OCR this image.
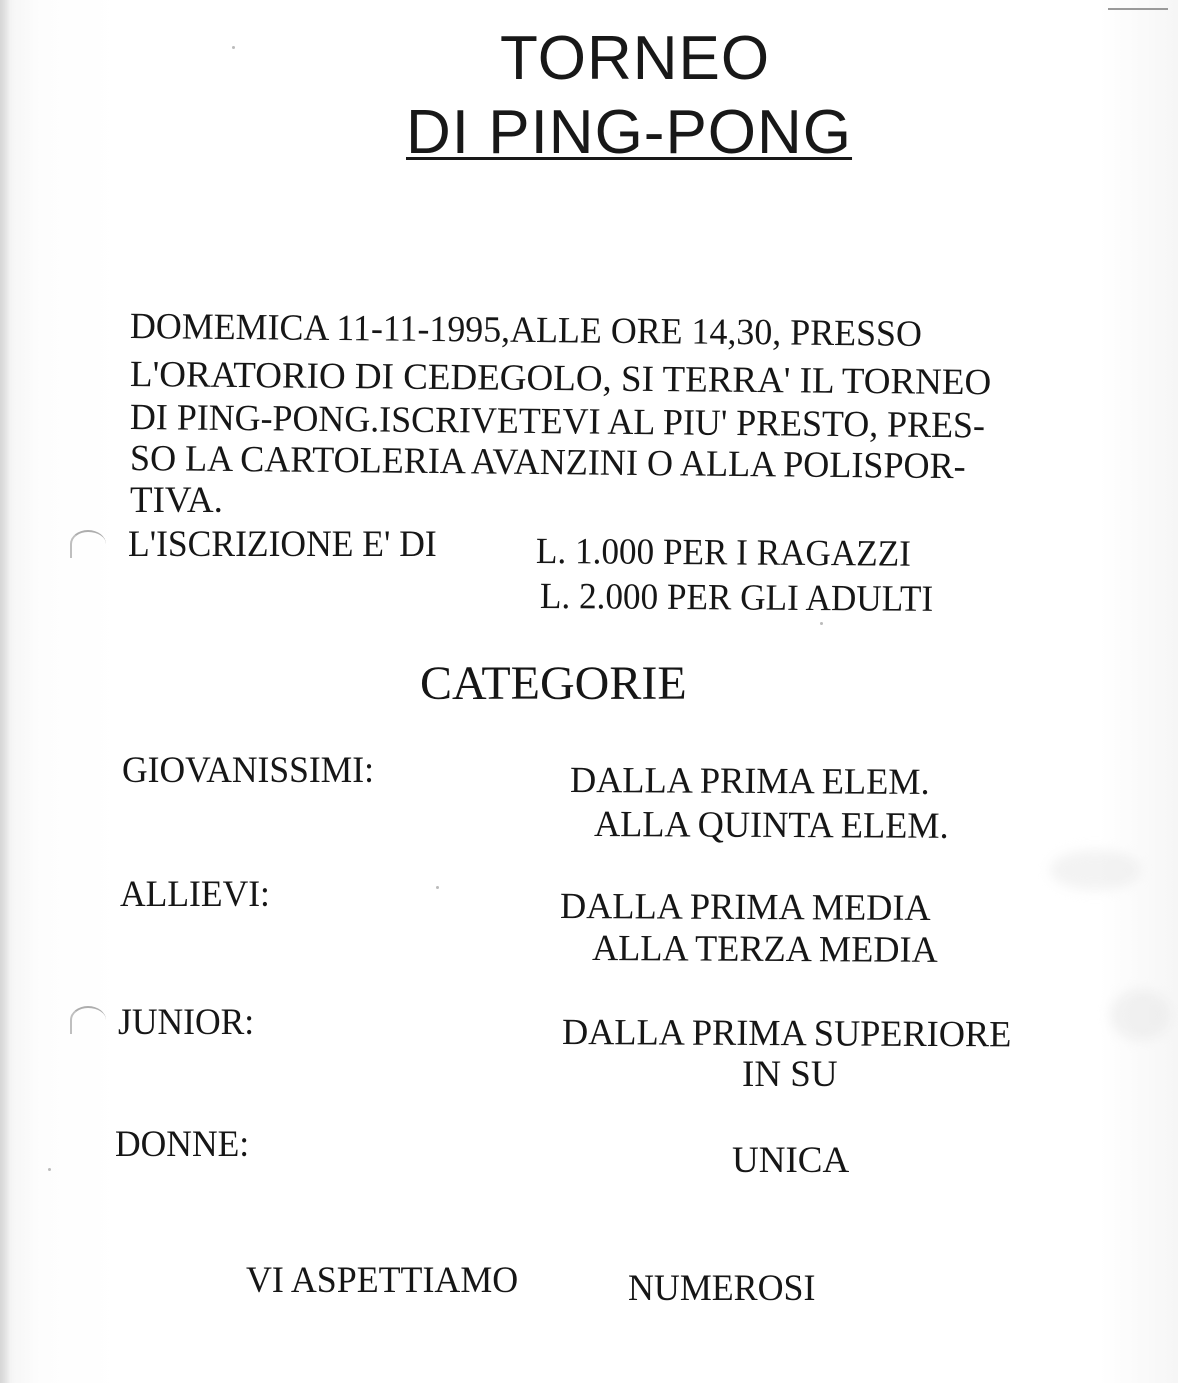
TORNEO
DI PING-PONG
DOMEMICA 11-11-1995,ALLE ORE 14,30, PRESSO
L'ORATORIO DI CEDEGOLO, SI TERRA' IL TORNEO
DI PING-PONG.ISCRIVETEVI AL PIU' PRESTO, PRES-
SO LA CARTOLERIA AVANZINI O ALLA POLISPOR-
TIVA.
L'ISCRIZIONE E' DI	L. 1.000 PER I RAGAZZI
L. 2.000 PER GLI ADULTI
CATEGORIE
GIOVANISSIMI:	DALLA PRIMA ELEM.
ALLA QUINTA ELEM.
ALLIEVI:	DALLA PRIMA MEDIA
ALLA TERZA MEDIA
JUNIOR:	DALLA PRIMA SUPERIORE
IN SU
DONNE:	UNICA
VI ASPETTIAMO	NUMEROSI
